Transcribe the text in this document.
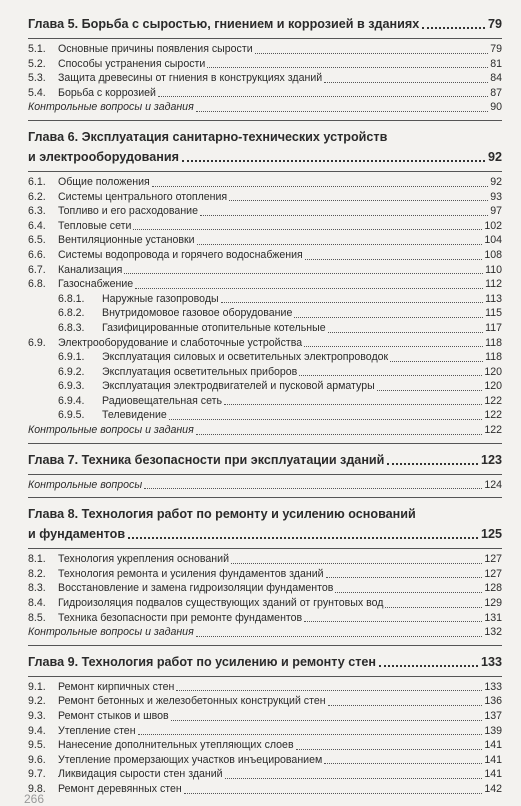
Глава 5. Борьба с сыростью, гниением и коррозией в зданиях	79
5.1.	Основные причины появления сырости	79
5.2.	Способы устранения сырости	81
5.3.	Защита древесины от гниения в конструкциях зданий	84
5.4.	Борьба с коррозией	87
Контрольные вопросы и задания	90
Глава 6. Эксплуатация санитарно-технических устройств
и электрооборудования	92
6.1.	Общие положения	92
6.2.	Системы центрального отопления	93
6.3.	Топливо и его расходование	97
6.4.	Тепловые сети	102
6.5.	Вентиляционные установки	104
6.6.	Системы водопровода и горячего водоснабжения	108
6.7.	Канализация	110
6.8.	Газоснабжение	112
6.8.1.	Наружные газопроводы	113
6.8.2.	Внутридомовое газовое оборудование	115
6.8.3.	Газифицированные отопительные котельные	117
6.9.	Электрооборудование и слаботочные устройства	118
6.9.1.	Эксплуатация силовых и осветительных электропроводок	118
6.9.2.	Эксплуатация осветительных приборов	120
6.9.3.	Эксплуатация электродвигателей и пусковой арматуры	120
6.9.4.	Радиовещательная сеть	122
6.9.5.	Телевидение	122
Контрольные вопросы и задания	122
Глава 7. Техника безопасности при эксплуатации зданий	123
Контрольные вопросы	124
Глава 8. Технология работ по ремонту и усилению оснований
и фундаментов	125
8.1.	Технология укрепления оснований	127
8.2.	Технология ремонта и усиления фундаментов зданий	127
8.3.	Восстановление и замена гидроизоляции фундаментов	128
8.4.	Гидроизоляция подвалов существующих зданий от грунтовых вод	129
8.5.	Техника безопасности при ремонте фундаментов	131
Контрольные вопросы и задания	132
Глава 9. Технология работ по усилению и ремонту стен	133
9.1.	Ремонт кирпичных стен	133
9.2.	Ремонт бетонных и железобетонных конструкций стен	136
9.3.	Ремонт стыков и швов	137
9.4.	Утепление стен	139
9.5.	Нанесение дополнительных утепляющих слоев	141
9.6.	Утепление промерзающих участков инъецированием	141
9.7.	Ликвидация сырости стен зданий	141
9.8.	Ремонт деревянных стен	142
266
